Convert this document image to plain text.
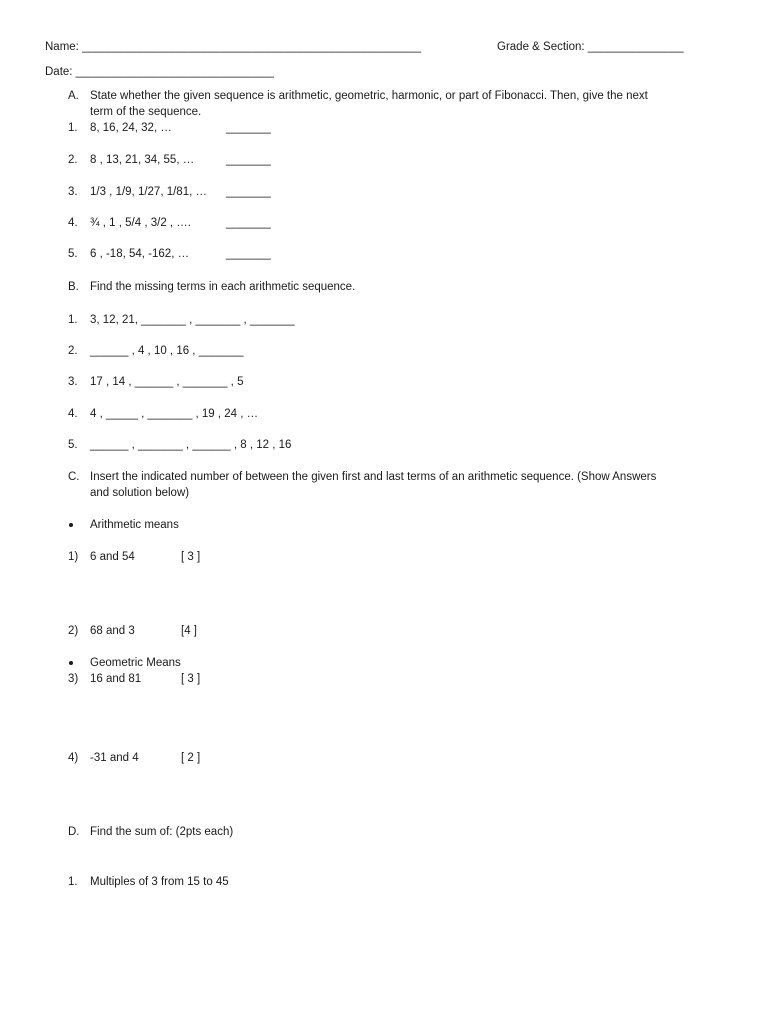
Name: _____________________________________________________	Grade & Section: _______________
Date: _______________________________
A. State whether the given sequence is arithmetic, geometric, harmonic, or part of Fibonacci. Then, give the next
term of the sequence.
1. 8, 16, 24, 32, …	_______
2. 8 , 13, 21, 34, 55, …	_______
3. 1/3 , 1/9, 1/27, 1/81, … _______
4. ¾ , 1 , 5/4 , 3/2 , ….	_______
5. 6 , -18, 54, -162, …	_______
B. Find the missing terms in each arithmetic sequence.
1. 3, 12, 21, _______ , _______ , _______
2. ______ , 4 , 10 , 16 , _______
3. 17 , 14 , ______ , _______ , 5
4. 4 , _____ , _______ , 19 , 24 , …
5. ______ , _______ , ______ , 8 , 12 , 16
C. Insert the indicated number of between the given first and last terms of an arithmetic sequence. (Show Answers
and solution below)
Arithmetic means
1) 6 and 54	[ 3 ]
2) 68 and 3	[4 ]
Geometric Means
3) 16 and 81	[ 3 ]
4) -31 and 4	[ 2 ]
D. Find the sum of: (2pts each)
1. Multiples of 3 from 15 to 45
